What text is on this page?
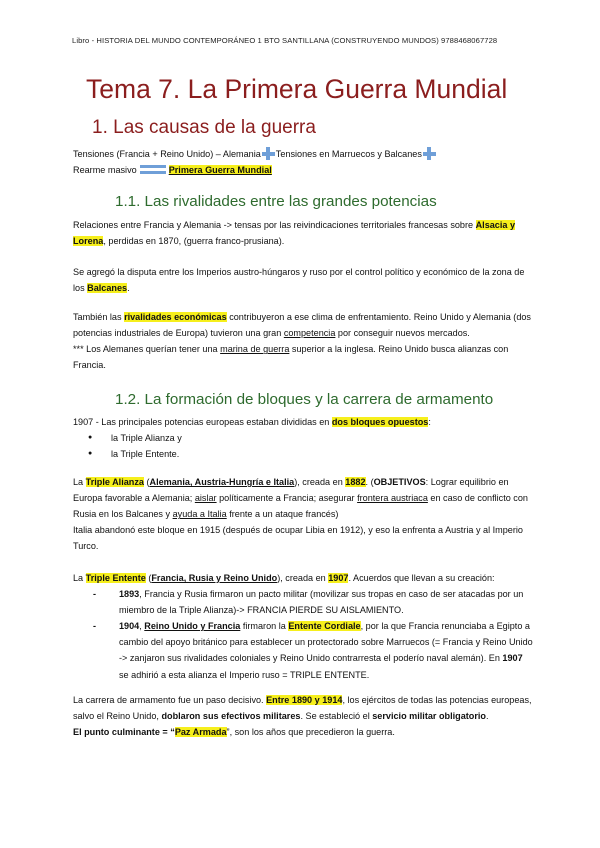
Libro - HISTORIA DEL MUNDO CONTEMPORÁNEO 1 BTO SANTILLANA (CONSTRUYENDO MUNDOS) 9788468067728
Tema 7. La Primera Guerra Mundial
1. Las causas de la guerra
Tensiones (Francia + Reino Unido) – Alemania Tensiones en Marruecos y Balcanes
Rearme masivo	Primera Guerra Mundial
1.1. Las rivalidades entre las grandes potencias
Relaciones entre Francia y Alemania -> tensas por las reivindicaciones territoriales francesas sobre Alsacia y Lorena, perdidas en 1870, (guerra franco-prusiana).
Se agregó la disputa entre los Imperios austro-húngaros y ruso por el control político y económico de la zona de los Balcanes.
También las rivalidades económicas contribuyeron a ese clima de enfrentamiento. Reino Unido y Alemania (dos potencias industriales de Europa) tuvieron una gran competencia por conseguir nuevos mercados.
*** Los Alemanes querían tener una marina de guerra superior a la inglesa. Reino Unido busca alianzas con Francia.
1.2. La formación de bloques y la carrera de armamento
1907 - Las principales potencias europeas estaban divididas en dos bloques opuestos:
● la Triple Alianza y
● la Triple Entente.
La Triple Alianza (Alemania, Austria-Hungría e Italia), creada en 1882. (OBJETIVOS: Lograr equilibrio en Europa favorable a Alemania; aislar políticamente a Francia; asegurar frontera austriaca en caso de conflicto con Rusia en los Balcanes y ayuda a Italia frente a un ataque francés)
Italia abandonó este bloque en 1915 (después de ocupar Libia en 1912), y eso la enfrenta a Austria y al Imperio Turco.
La Triple Entente (Francia, Rusia y Reino Unido), creada en 1907. Acuerdos que llevan a su creación:
- 1893, Francia y Rusia firmaron un pacto militar (movilizar sus tropas en caso de ser atacadas por un miembro de la Triple Alianza)-> FRANCIA PIERDE SU AISLAMIENTO.
- 1904, Reino Unido y Francia firmaron la Entente Cordiale, por la que Francia renunciaba a Egipto a cambio del apoyo británico para establecer un protectorado sobre Marruecos (= Francia y Reino Unido -> zanjaron sus rivalidades coloniales y Reino Unido contrarresta el poderío naval alemán). En 1907 se adhirió a esta alianza el Imperio ruso = TRIPLE ENTENTE.
La carrera de armamento fue un paso decisivo. Entre 1890 y 1914, los ejércitos de todas las potencias europeas, salvo el Reino Unido, doblaron sus efectivos militares. Se estableció el servicio militar obligatorio.
El punto culminante = “Paz Armada”, son los años que precedieron la guerra.
